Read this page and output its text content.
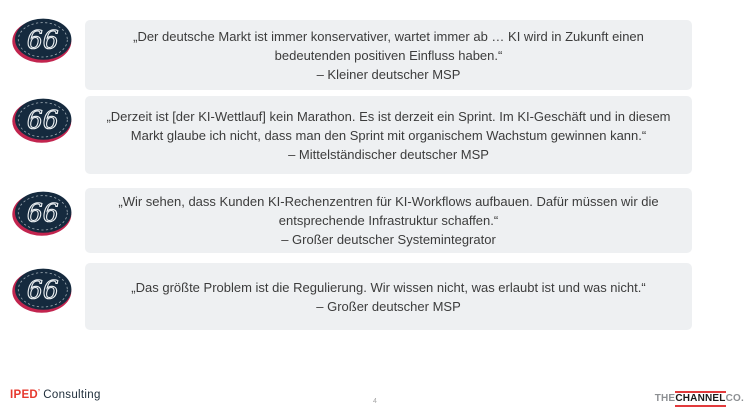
66	„Der deutsche Markt ist immer konservativer, wartet immer ab … KI wird in Zukunft einen bedeutenden positiven Einfluss haben.“
– Kleiner deutscher MSP
66	„Derzeit ist [der KI-Wettlauf] kein Marathon. Es ist derzeit ein Sprint. Im KI-Geschäft und in diesem Markt glaube ich nicht, dass man den Sprint mit organischem Wachstum gewinnen kann.“
– Mittelständischer deutscher MSP
66	„Wir sehen, dass Kunden KI-Rechenzentren für KI-Workflows aufbauen. Dafür müssen wir die entsprechende Infrastruktur schaffen.“
– Großer deutscher Systemintegrator
66	„Das größte Problem ist die Regulierung. Wir wissen nicht, was erlaubt ist und was nicht.“
– Großer deutscher MSP
IPED’ Consulting
4	THE CHANNEL CO.
